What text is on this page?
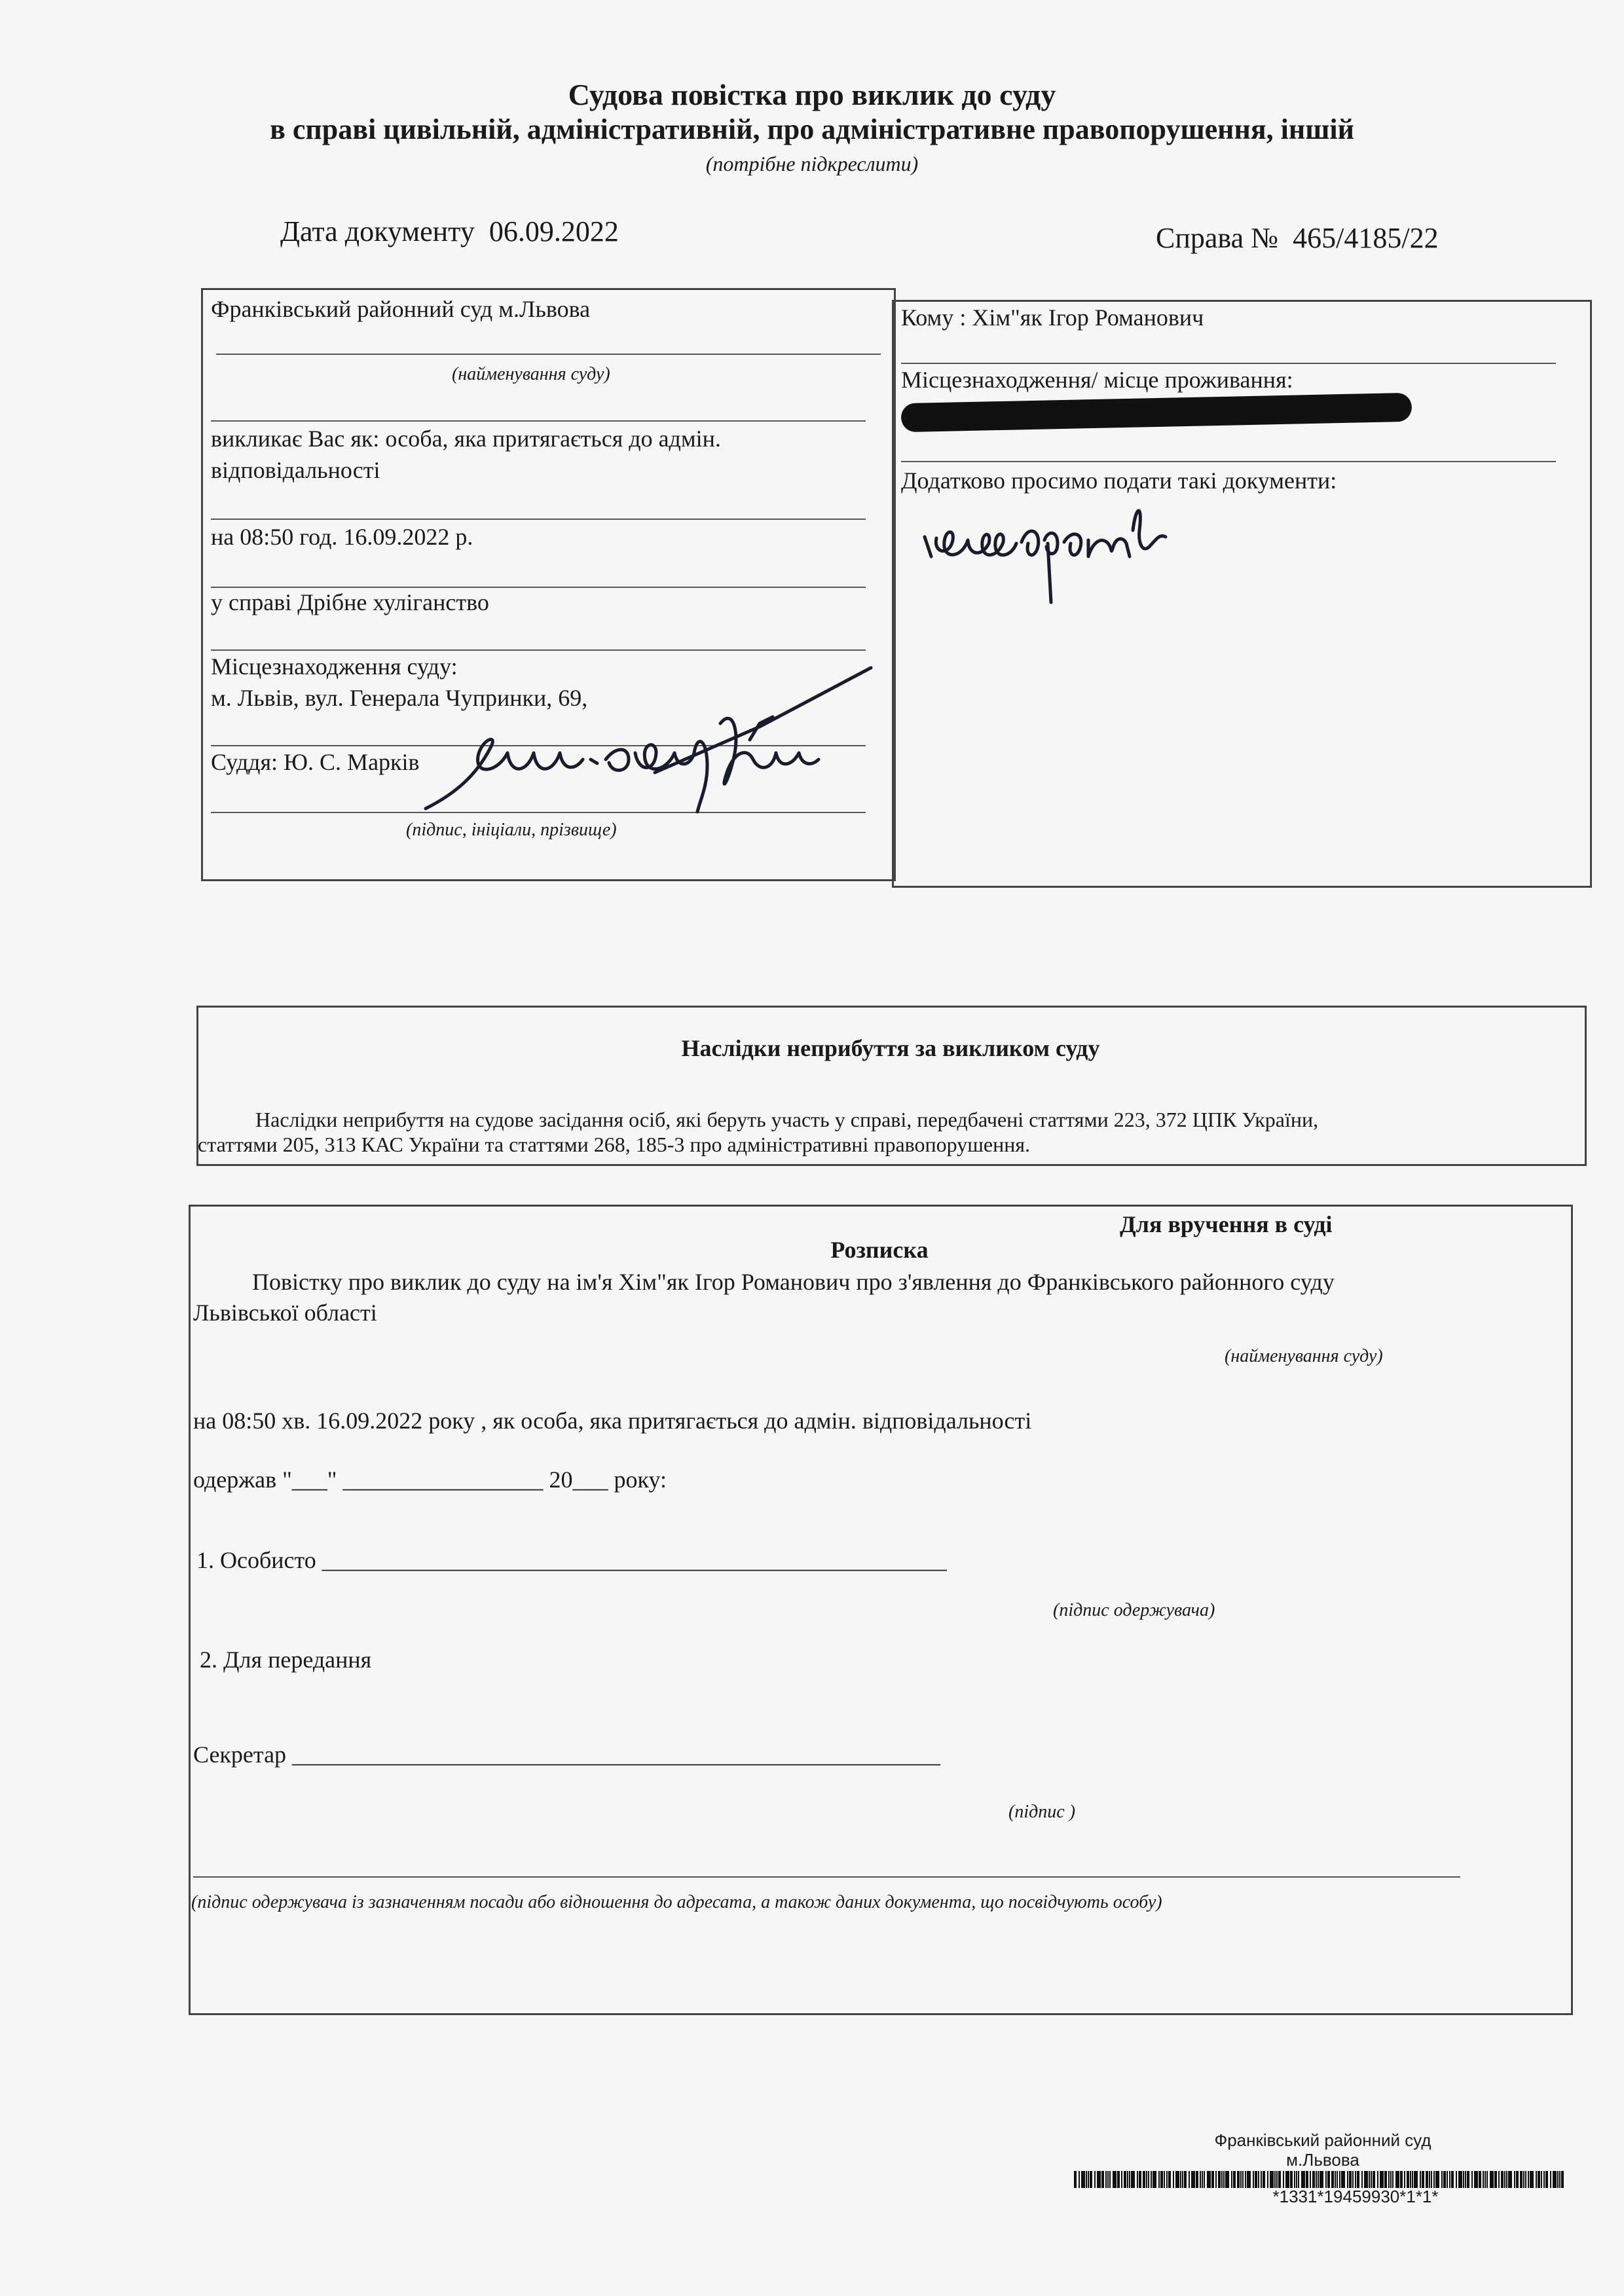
Судова повістка про виклик до суду
в справі цивільній, адміністративній, про адміністративне правопорушення, іншій
(потрібне підкреслити)
Дата документу 06.09.2022	Справа № 465/4185/22
Франківський районний суд м.Львова
(найменування суду)
викликає Вас як: особа, яка притягається до адмін.
відповідальності
на 08:50 год. 16.09.2022 р.
у справі Дрібне хуліганство
Місцезнаходження суду:
м. Львів, вул. Генерала Чупринки, 69,
Суддя: Ю. С. Марків
(підпис, ініціали, прізвище)
Кому : Хім"як Ігор Романович
Місцезнаходження/ місце проживання:
Додатково просимо подати такі документи:
Наслідки неприбуття за викликом суду
Наслідки неприбуття на судове засідання осіб, які беруть участь у справі, передбачені статтями 223, 372 ЦПК України,
статтями 205, 313 КАС України та статтями 268, 185-3 про адміністративні правопорушення.
Для вручення в суді
Розписка
Повістку про виклик до суду на ім'я Хім"як Ігор Романович про з'явлення до Франківського районного суду
Львівської області
(найменування суду)
на 08:50 хв. 16.09.2022 року , як особа, яка притягається до адмін. відповідальності
одержав "___" _________________ 20___ року:
1. Особисто _____________________________________________________
(підпис одержувача)
2. Для передання
Секретар _______________________________________________________
(підпис )
(підпис одержувача із зазначенням посади або відношення до адресата, а також даних документа, що посвідчують особу)
Франківський районний суд
м.Львова
*1331*19459930*1*1*
